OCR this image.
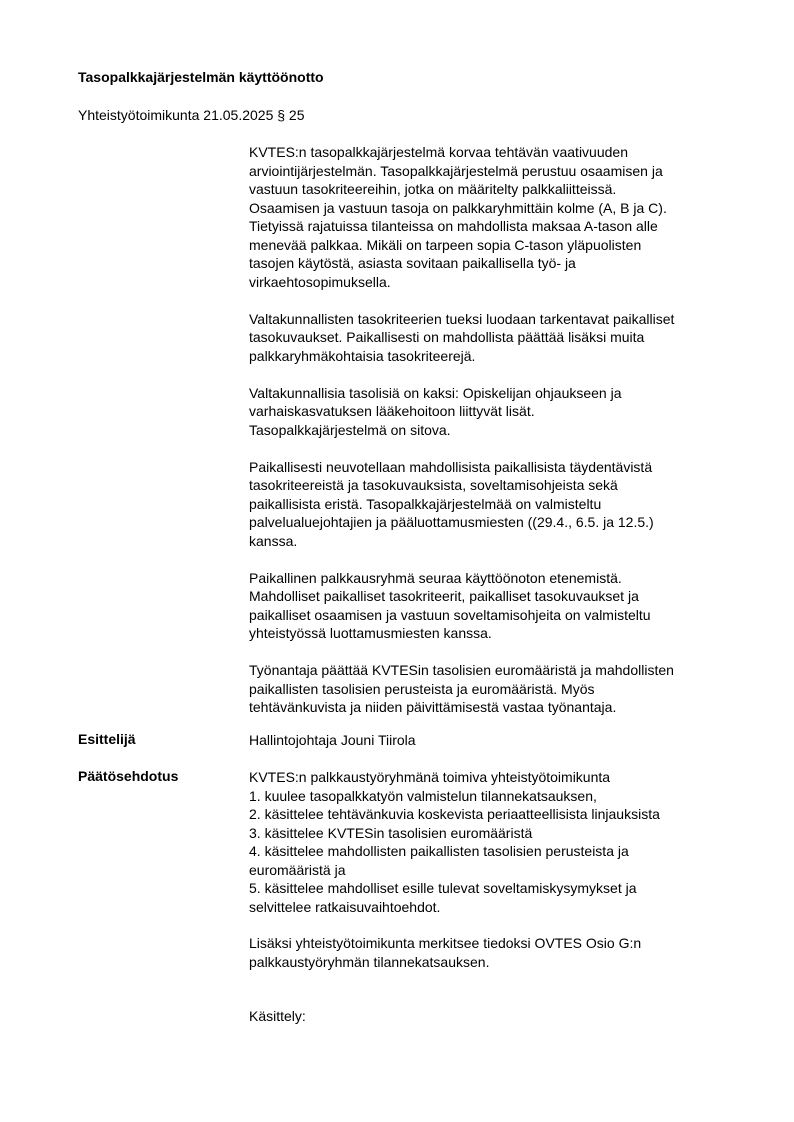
Tasopalkkajärjestelmän käyttöönotto
Yhteistyötoimikunta 21.05.2025 § 25

KVTES:n tasopalkkajärjestelmä korvaa tehtävän vaativuuden
arviointijärjestelmän. Tasopalkkajärjestelmä perustuu osaamisen ja
vastuun tasokriteereihin, jotka on määritelty palkkaliitteissä.
Osaamisen ja vastuun tasoja on palkkaryhmittäin kolme (A, B ja C).
Tietyissä rajatuissa tilanteissa on mahdollista maksaa A-tason alle
menevää palkkaa. Mikäli on tarpeen sopia C-tason yläpuolisten
tasojen käytöstä, asiasta sovitaan paikallisella työ- ja
virkaehtosopimuksella.

Valtakunnallisten tasokriteerien tueksi luodaan tarkentavat paikalliset
tasokuvaukset. Paikallisesti on mahdollista päättää lisäksi muita
palkkaryhmäkohtaisia tasokriteerejä.

Valtakunnallisia tasolisiä on kaksi: Opiskelijan ohjaukseen ja
varhaiskasvatuksen lääkehoitoon liittyvät lisät.
Tasopalkkajärjestelmä on sitova.

Paikallisesti neuvotellaan mahdollisista paikallisista täydentävistä
tasokriteereistä ja tasokuvauksista, soveltamisohjeista sekä
paikallisista eristä. Tasopalkkajärjestelmää on valmisteltu
palvelualuejohtajien ja pääluottamusmiesten ((29.4., 6.5. ja 12.5.)
kanssa.

Paikallinen palkkausryhmä seuraa käyttöönoton etenemistä.
Mahdolliset paikalliset tasokriteerit, paikalliset tasokuvaukset ja
paikalliset osaamisen ja vastuun soveltamisohjeita on valmisteltu
yhteistyössä luottamusmiesten kanssa.

Työnantaja päättää KVTESin tasolisien euromääristä ja mahdollisten
paikallisten tasolisien perusteista ja euromääristä. Myös
tehtävänkuvista ja niiden päivittämisestä vastaa työnantaja.

Esittelijä	Hallintojohtaja Jouni Tiirola
Päätösehdotus	KVTES:n palkkaustyöryhmänä toimiva yhteistyötoimikunta
1. kuulee tasopalkkatyön valmistelun tilannekatsauksen,
2. käsittelee tehtävänkuvia koskevista periaatteellisista linjauksista
3. käsittelee KVTESin tasolisien euromääristä
4. käsittelee mahdollisten paikallisten tasolisien perusteista ja
euromääristä ja
5. käsittelee mahdolliset esille tulevat soveltamiskysymykset ja
selvittelee ratkaisuvaihtoehdot.
Lisäksi yhteistyötoimikunta merkitsee tiedoksi OVTES Osio G:n
palkkaustyöryhmän tilannekatsauksen.
Käsittely:
